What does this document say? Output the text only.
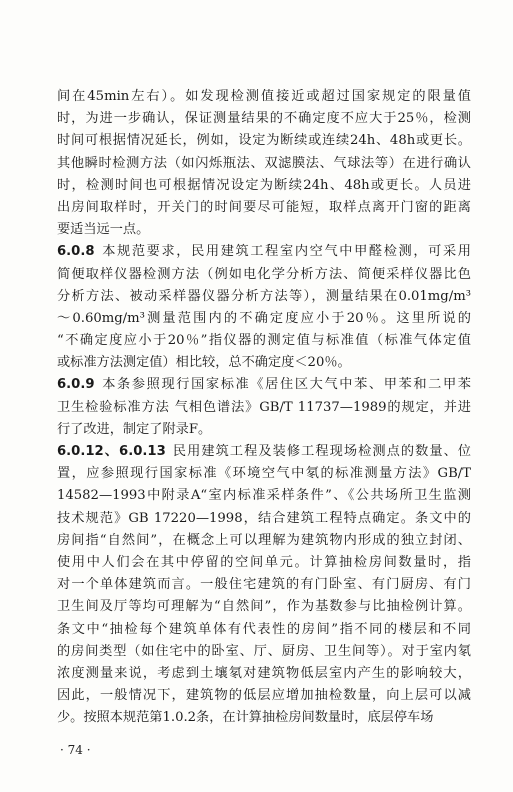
间在45min左右）。如发现检测值接近或超过国家规定的限量值
时，为进一步确认，保证测量结果的不确定度不应大于25％，检测
时间可根据情况延长，例如，设定为断续或连续24h、48h或更长。
其他瞬时检测方法（如闪烁瓶法、双滤膜法、气球法等）在进行确认
时，检测时间也可根据情况设定为断续24h、48h或更长。人员进
出房间取样时，开关门的时间要尽可能短，取样点离开门窗的距离
要适当远一点。
6.0.8 本规范要求，民用建筑工程室内空气中甲醛检测，可采用
简便取样仪器检测方法（例如电化学分析方法、简便采样仪器比色
分析方法、被动采样器仪器分析方法等），测量结果在0.01mg/m³
～0.60mg/m³测量范围内的不确定度应小于20％。这里所说的
“不确定度应小于20％”指仪器的测定值与标准值（标准气体定值
或标准方法测定值）相比较，总不确定度＜20％。
6.0.9 本条参照现行国家标准《居住区大气中苯、甲苯和二甲苯
卫生检验标准方法 气相色谱法》GB/T 11737—1989的规定，并进
行了改进，制定了附录F。
6.0.12、6.0.13 民用建筑工程及装修工程现场检测点的数量、位
置，应参照现行国家标准《环境空气中氡的标准测量方法》GB/T
14582—1993中附录A“室内标准采样条件”、《公共场所卫生监测
技术规范》GB 17220—1998，结合建筑工程特点确定。条文中的
房间指“自然间”，在概念上可以理解为建筑物内形成的独立封闭、
使用中人们会在其中停留的空间单元。计算抽检房间数量时，指
对一个单体建筑而言。一般住宅建筑的有门卧室、有门厨房、有门
卫生间及厅等均可理解为“自然间”，作为基数参与比抽检例计算。
条文中“抽检每个建筑单体有代表性的房间”指不同的楼层和不同
的房间类型（如住宅中的卧室、厅、厨房、卫生间等）。对于室内氡
浓度测量来说，考虑到土壤氡对建筑物低层室内产生的影响较大，
因此，一般情况下，建筑物的低层应增加抽检数量，向上层可以减
少。按照本规范第1.0.2条，在计算抽检房间数量时，底层停车场
· 74 ·
